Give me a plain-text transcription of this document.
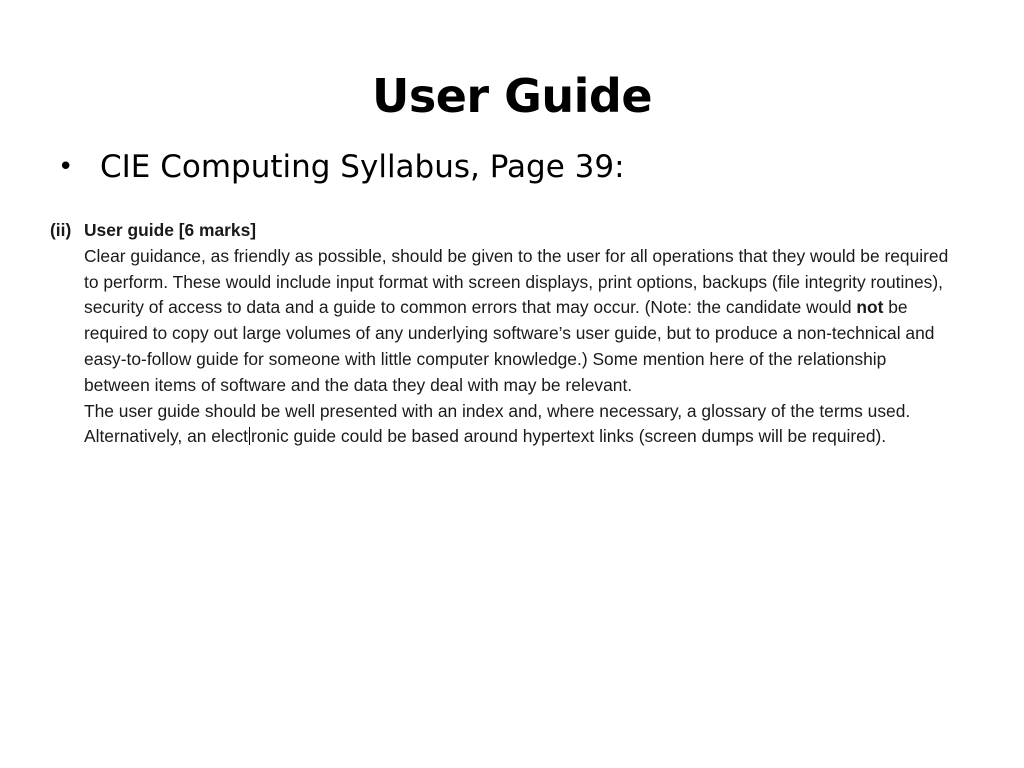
User Guide
• CIE Computing Syllabus, Page 39:
(ii) User guide [6 marks]

Clear guidance, as friendly as possible, should be given to the user for all operations that they would be required to perform. These would include input format with screen displays, print options, backups (file integrity routines), security of access to data and a guide to common errors that may occur. (Note: the candidate would not be required to copy out large volumes of any underlying software’s user guide, but to produce a non-technical and easy-to-follow guide for someone with little computer knowledge.) Some mention here of the relationship between items of software and the data they deal with may be relevant.

The user guide should be well presented with an index and, where necessary, a glossary of the terms used. Alternatively, an elect ronic guide could be based around hypertext links (screen dumps will be required).
